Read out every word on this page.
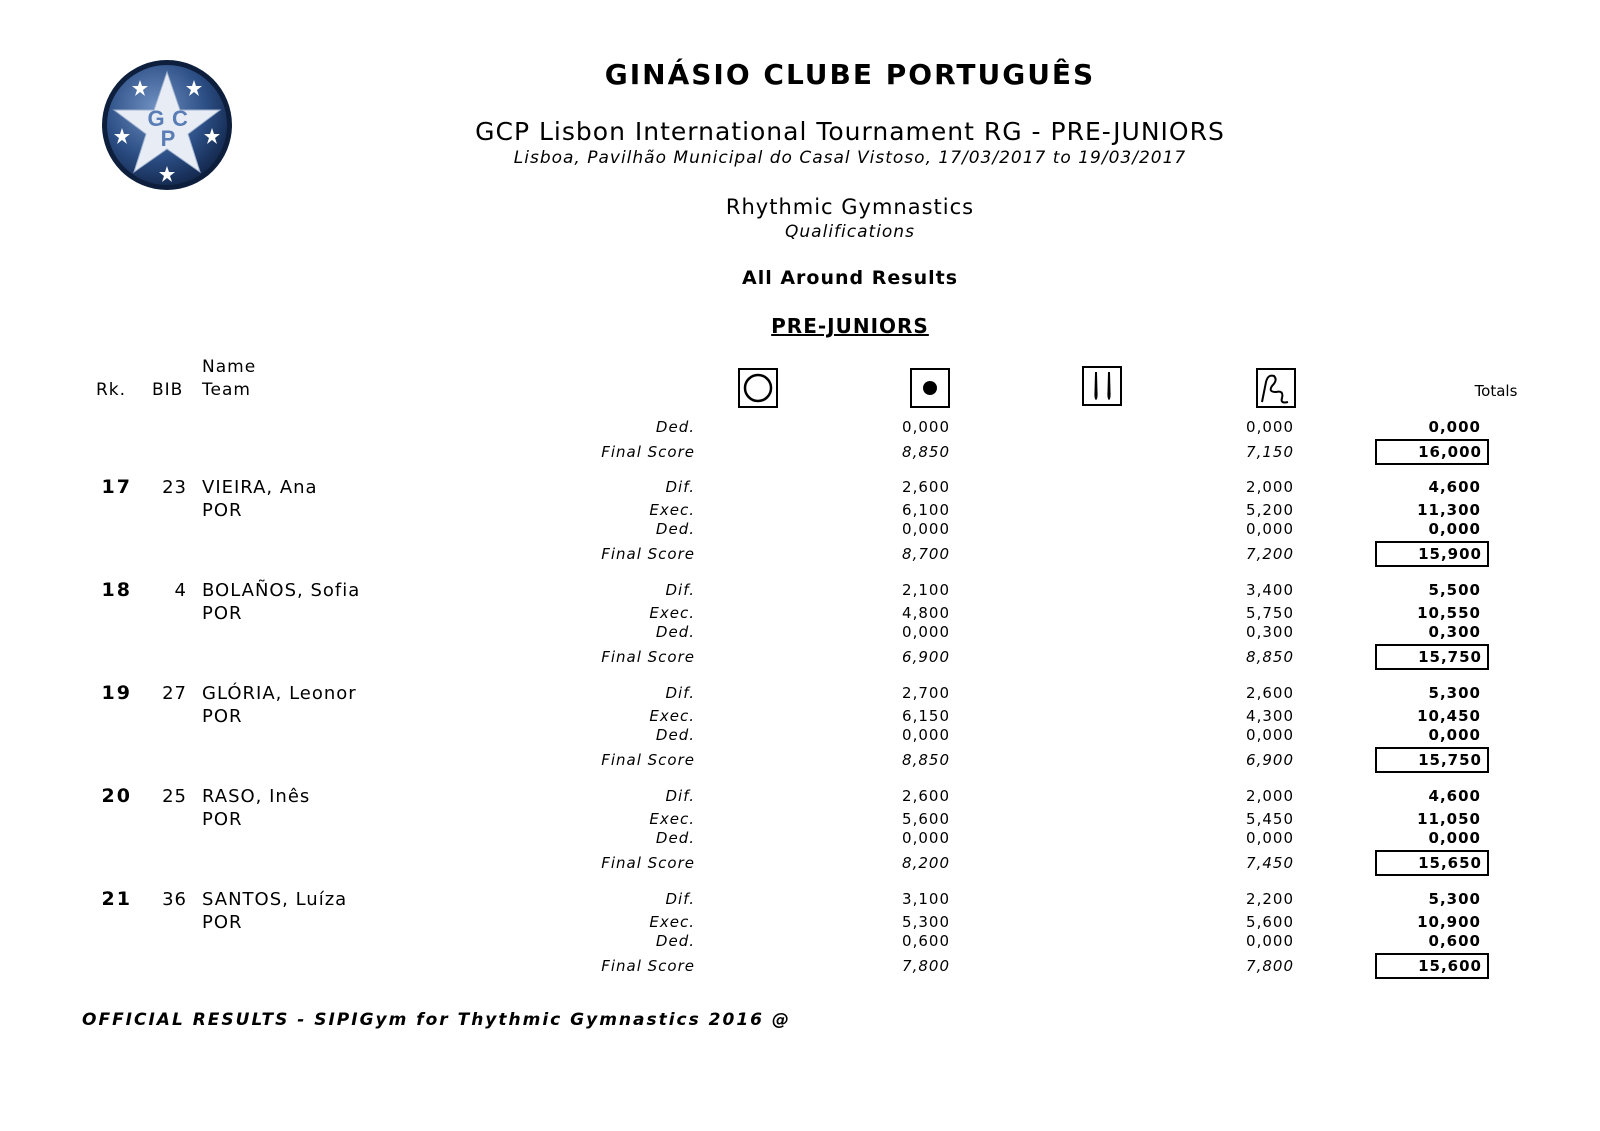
G C
P
GINÁSIO CLUBE PORTUGUÊS
GCP Lisbon International Tournament RG - PRE-JUNIORS
Lisboa, Pavilhão Municipal do Casal Vistoso, 17/03/2017 to 19/03/2017
Rhythmic Gymnastics
Qualifications
All Around Results
PRE-JUNIORS
Name
Rk. BIB Team	Totals
Ded.	0,000	0,000	0,000
Final Score	8,850	7,150	16,000
17	23 VIEIRA, Ana
POR
Dif.	2,600	2,000	4,600
Exec.	6,100	5,200	11,300
Ded.	0,000	0,000	0,000
Final Score	8,700	7,200	15,900
18	4 BOLAÑOS, Sofia
POR
Dif.	2,100	3,400	5,500
Exec.	4,800	5,750	10,550
Ded.	0,000	0,300	0,300
Final Score	6,900	8,850	15,750
19	27 GLÓRIA, Leonor
POR
Dif.	2,700	2,600	5,300
Exec.	6,150	4,300	10,450
Ded.	0,000	0,000	0,000
Final Score	8,850	6,900	15,750
20	25 RASO, Inês
POR
Dif.	2,600	2,000	4,600
Exec.	5,600	5,450	11,050
Ded.	0,000	0,000	0,000
Final Score	8,200	7,450	15,650
21	36 SANTOS, Luíza
POR
Dif.	3,100	2,200	5,300
Exec.	5,300	5,600	10,900
Ded.	0,600	0,000	0,600
Final Score	7,800	7,800	15,600
OFFICIAL RESULTS - SIPIGym for Thythmic Gymnastics 2016 @
